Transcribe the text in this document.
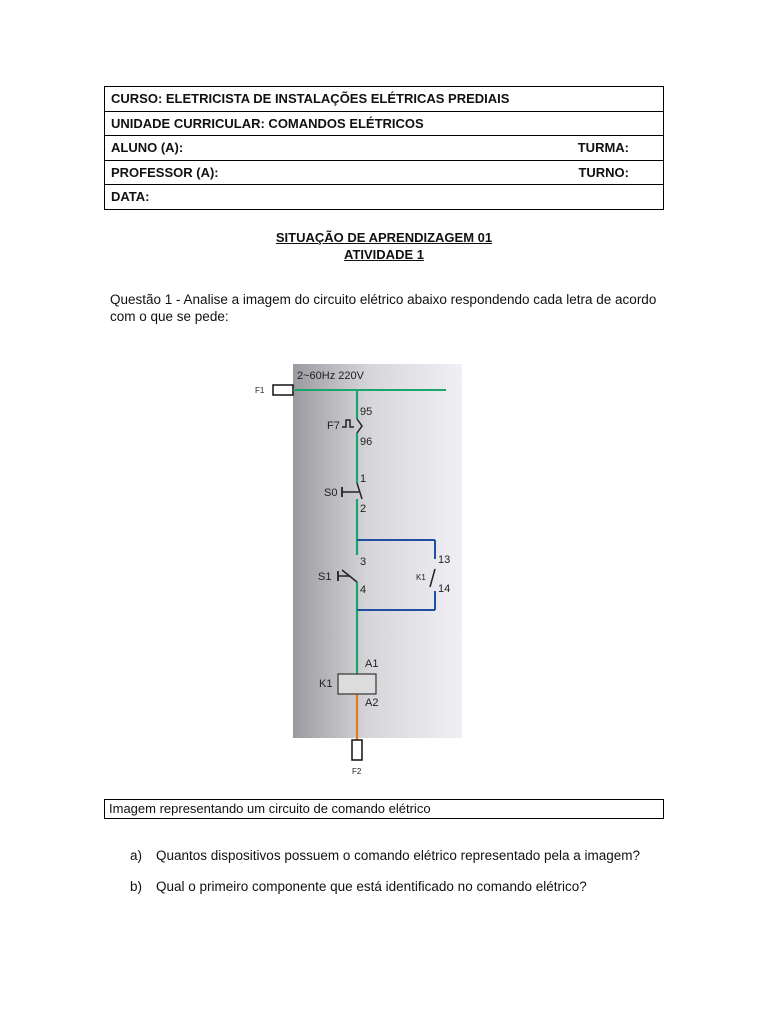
CURSO: ELETRICISTA DE INSTALAÇÕES ELÉTRICAS PREDIAIS
UNIDADE CURRICULAR: COMANDOS ELÉTRICOS

ALUNO (A):	TURMA:

PROFESSOR (A):	TURNO:

DATA:
SITUAÇÃO DE APRENDIZAGEM 01
ATIVIDADE 1

Questão 1 - Analise a imagem do circuito elétrico abaixo respondendo cada letra de acordo com o que se pede:

F1
2~60Hz 220V
F7
95
96
S0
1
2
K1
13
14
S1
3
4
K1
A1
A2
F2
Imagem representando um circuito de comando elétrico
a)	Quantos dispositivos possuem o comando elétrico representado pela a imagem?
b)	Qual o primeiro componente que está identificado no comando elétrico?
